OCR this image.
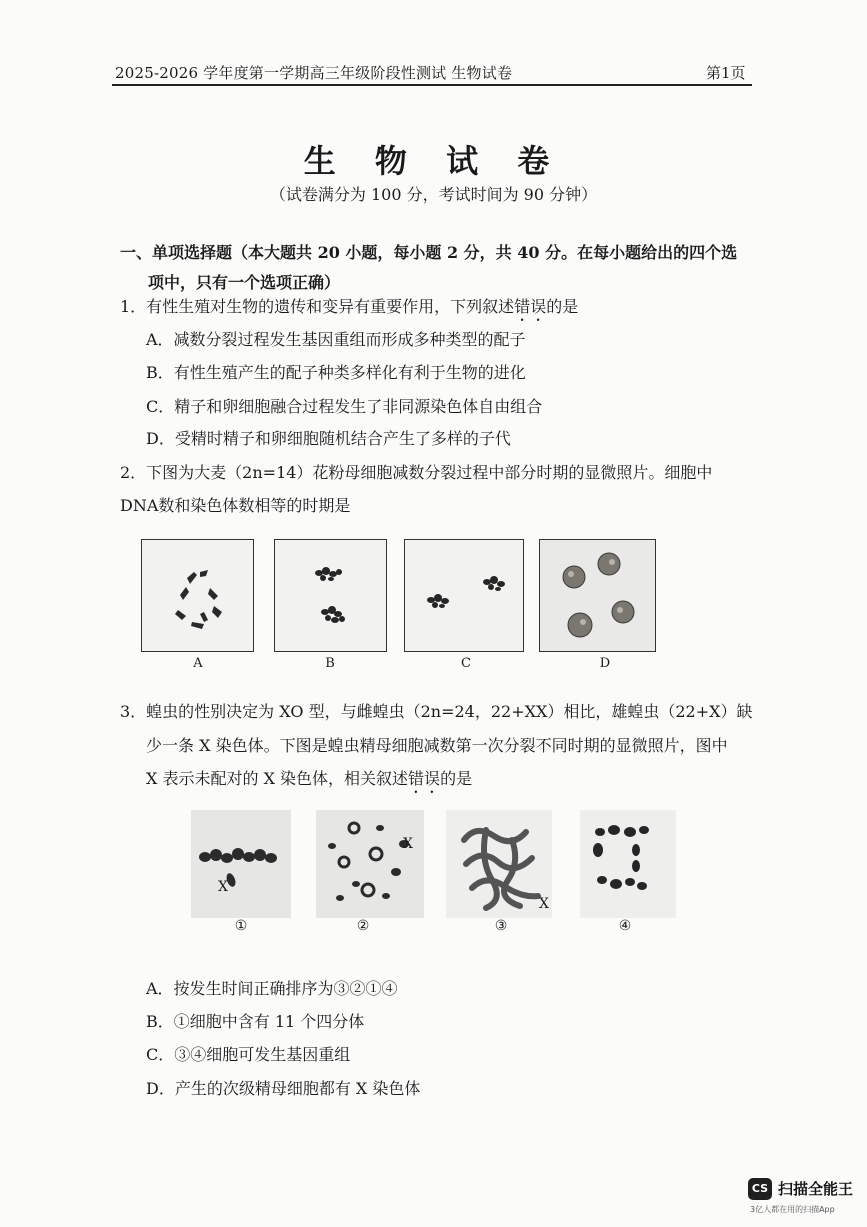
2025-2026 学年度第一学期高三年级阶段性测试 生物试卷	第1页
生 物 试 卷
（试卷满分为 100 分，考试时间为 90 分钟）
一、单项选择题（本大题共 20 小题，每小题 2 分，共 40 分。在每小题给出的四个选
项中，只有一个选项正确）
1．有性生殖对生物的遗传和变异有重要作用，下列叙述错误的是
A．减数分裂过程发生基因重组而形成多种类型的配子
B．有性生殖产生的配子种类多样化有利于生物的进化
C．精子和卵细胞融合过程发生了非同源染色体自由组合
D．受精时精子和卵细胞随机结合产生了多样的子代
2．下图为大麦（2n=14）花粉母细胞减数分裂过程中部分时期的显微照片。细胞中
DNA数和染色体数相等的时期是
A	B	C	D
3．蝗虫的性别决定为 XO 型，与雌蝗虫（2n=24，22+XX）相比，雄蝗虫（22+X）缺
少一条 X 染色体。下图是蝗虫精母细胞减数第一次分裂不同时期的显微照片，图中
X 表示未配对的 X 染色体，相关叙述错误的是
X
①
X
②
X
③	④
A．按发生时间正确排序为③②①④
B．①细胞中含有 11 个四分体
C．③④细胞可发生基因重组
D．产生的次级精母细胞都有 X 染色体
CS 扫描全能王
3亿人都在用的扫描App
